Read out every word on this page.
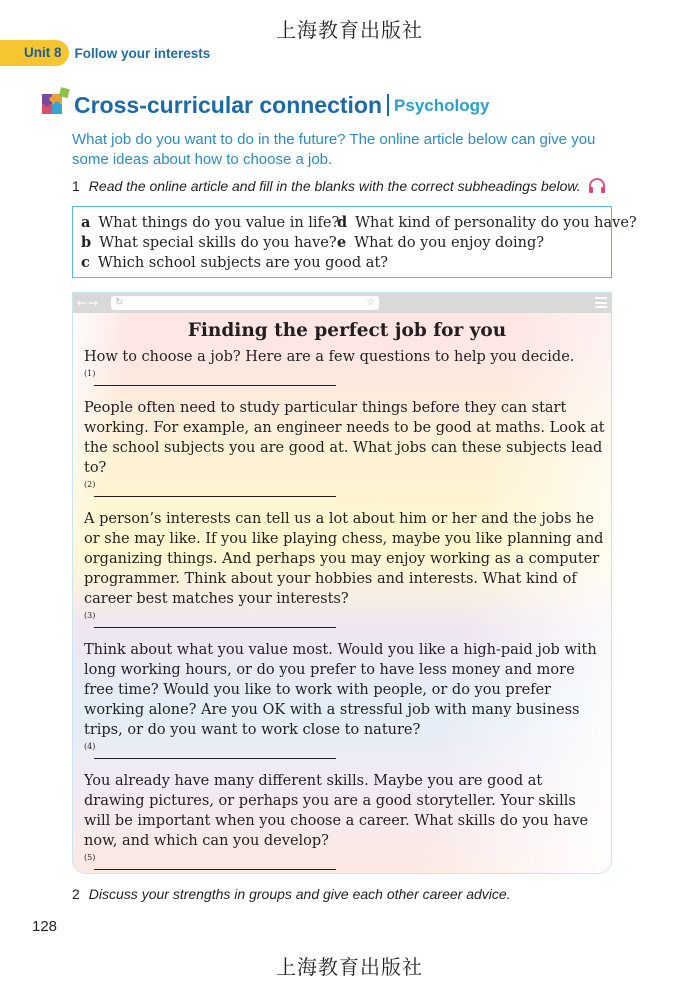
上海教育出版社
Unit 8 Follow your interests
Cross-curricular connection Psychology

What job do you want to do in the future? The online article below can give you some ideas about how to choose a job.

1 Read the online article and fill in the blanks with the correct subheadings below.
a What things do you value in life?
b What special skills do you have?
c Which school subjects are you good at?
d What kind of personality do you have?
e What do you enjoy doing?
←→ ↻	☆
Finding the perfect job for you
How to choose a job? Here are a few questions to help you decide.
(1)
People often need to study particular things before they can start working. For example, an engineer needs to be good at maths. Look at the school subjects you are good at. What jobs can these subjects lead to?
(2)
A person’s interests can tell us a lot about him or her and the jobs he or she may like. If you like playing chess, maybe you like planning and organizing things. And perhaps you may enjoy working as a computer programmer. Think about your hobbies and interests. What kind of career best matches your interests?
(3)
Think about what you value most. Would you like a high-paid job with long working hours, or do you prefer to have less money and more free time? Would you like to work with people, or do you prefer working alone? Are you OK with a stressful job with many business trips, or do you want to work close to nature?
(4)
You already have many different skills. Maybe you are good at drawing pictures, or perhaps you are a good storyteller. Your skills will be important when you choose a career. What skills do you have now, and which can you develop?
(5)
2 Discuss your strengths in groups and give each other career advice.
128
上海教育出版社
